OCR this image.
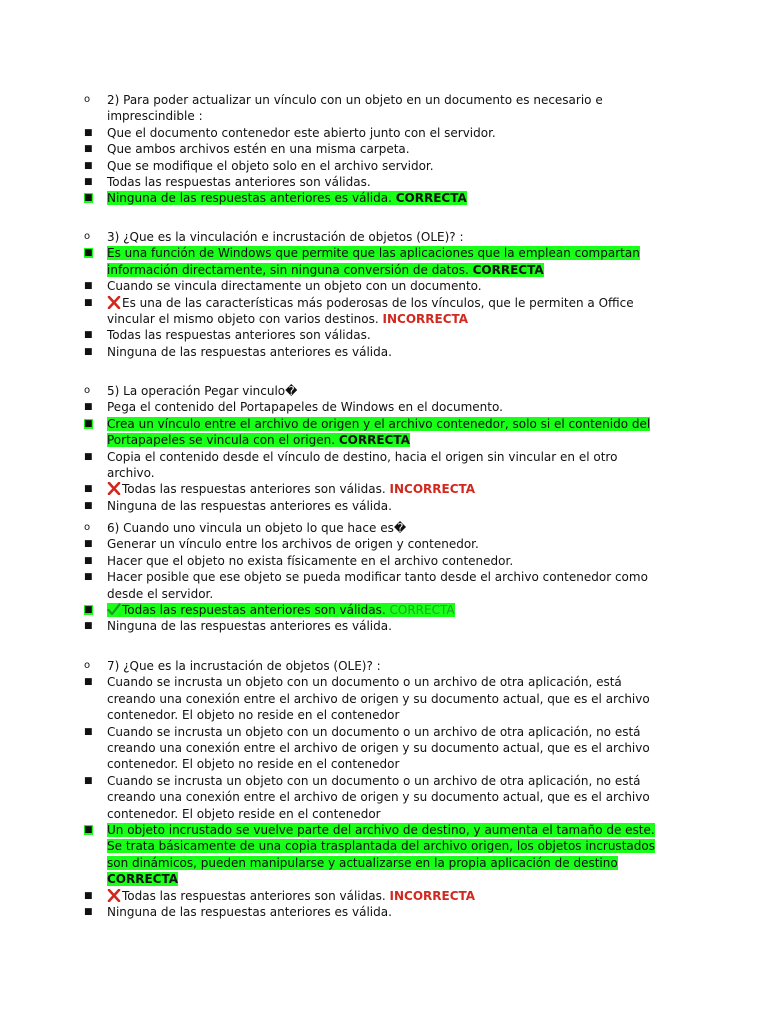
o	2) Para poder actualizar un vínculo con un objeto en un documento es necesario e imprescindible :
■	Que el documento contenedor este abierto junto con el servidor.
■	Que ambos archivos estén en una misma carpeta.
■	Que se modifique el objeto solo en el archivo servidor.
■	Todas las respuestas anteriores son válidas.
■	Ninguna de las respuestas anteriores es válida. CORRECTA
o	3) ¿Que es la vinculación e incrustación de objetos (OLE)? :
■	Es una función de Windows que permite que las aplicaciones que la emplean compartan información directamente, sin ninguna conversión de datos. CORRECTA
■	Cuando se vincula directamente un objeto con un documento.
■	Es una de las características más poderosas de los vínculos, que le permiten a Office vincular el mismo objeto con varios destinos. INCORRECTA
■	Todas las respuestas anteriores son válidas.
■	Ninguna de las respuestas anteriores es válida.
o	5) La operación Pegar vinculo�
■	Pega el contenido del Portapapeles de Windows en el documento.
■	Crea un vínculo entre el archivo de origen y el archivo contenedor, solo si el contenido del Portapapeles se vincula con el origen. CORRECTA
■	Copia el contenido desde el vínculo de destino, hacia el origen sin vincular en el otro archivo.
■	Todas las respuestas anteriores son válidas. INCORRECTA
■	Ninguna de las respuestas anteriores es válida.
o	6) Cuando uno vincula un objeto lo que hace es�
■	Generar un vínculo entre los archivos de origen y contenedor.
■	Hacer que el objeto no exista físicamente en el archivo contenedor.
■	Hacer posible que ese objeto se pueda modificar tanto desde el archivo contenedor como desde el servidor.
■	Todas las respuestas anteriores son válidas. CORRECTA
■	Ninguna de las respuestas anteriores es válida.
o	7) ¿Que es la incrustación de objetos (OLE)? :
■	Cuando se incrusta un objeto con un documento o un archivo de otra aplicación, está creando una conexión entre el archivo de origen y su documento actual, que es el archivo contenedor. El objeto no reside en el contenedor
■	Cuando se incrusta un objeto con un documento o un archivo de otra aplicación, no está creando una conexión entre el archivo de origen y su documento actual, que es el archivo contenedor. El objeto no reside en el contenedor
■	Cuando se incrusta un objeto con un documento o un archivo de otra aplicación, no está creando una conexión entre el archivo de origen y su documento actual, que es el archivo contenedor. El objeto reside en el contenedor
■	Un objeto incrustado se vuelve parte del archivo de destino, y aumenta el tamaño de este. Se trata básicamente de una copia trasplantada del archivo origen, los objetos incrustados son dinámicos, pueden manipularse y actualizarse en la propia aplicación de destino CORRECTA
■	Todas las respuestas anteriores son válidas. INCORRECTA
■	Ninguna de las respuestas anteriores es válida.
